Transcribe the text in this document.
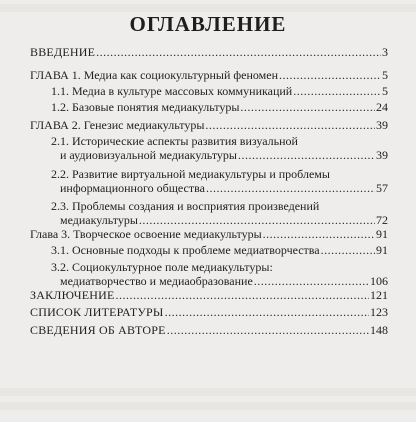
ОГЛАВЛЕНИЕ
ВВЕДЕНИЕ .....	3
ГЛАВА 1. Медиа как социокультурный феномен .....	5
1.1. Медиа в культуре массовых коммуникаций .....	5
1.2. Базовые понятия медиакультуры .....	24
ГЛАВА 2. Генезис медиакультуры .....	39
2.1. Исторические аспекты развития визуальной
и аудиовизуальной медиакультуры .....	39
2.2. Развитие виртуальной медиакультуры и проблемы
информационного общества .....	57
2.3. Проблемы создания и восприятия произведений
медиакультуры .....	72
Глава 3. Творческое освоение медиакультуры .....	91
3.1. Основные подходы к проблеме медиатворчества .....	91
3.2. Социокультурное поле медиакультуры:
медиатворчество и медиаобразование .....	106
ЗАКЛЮЧЕНИЕ .....	121
СПИСОК ЛИТЕРАТУРЫ .....	123
СВЕДЕНИЯ ОБ АВТОРЕ .....	148
